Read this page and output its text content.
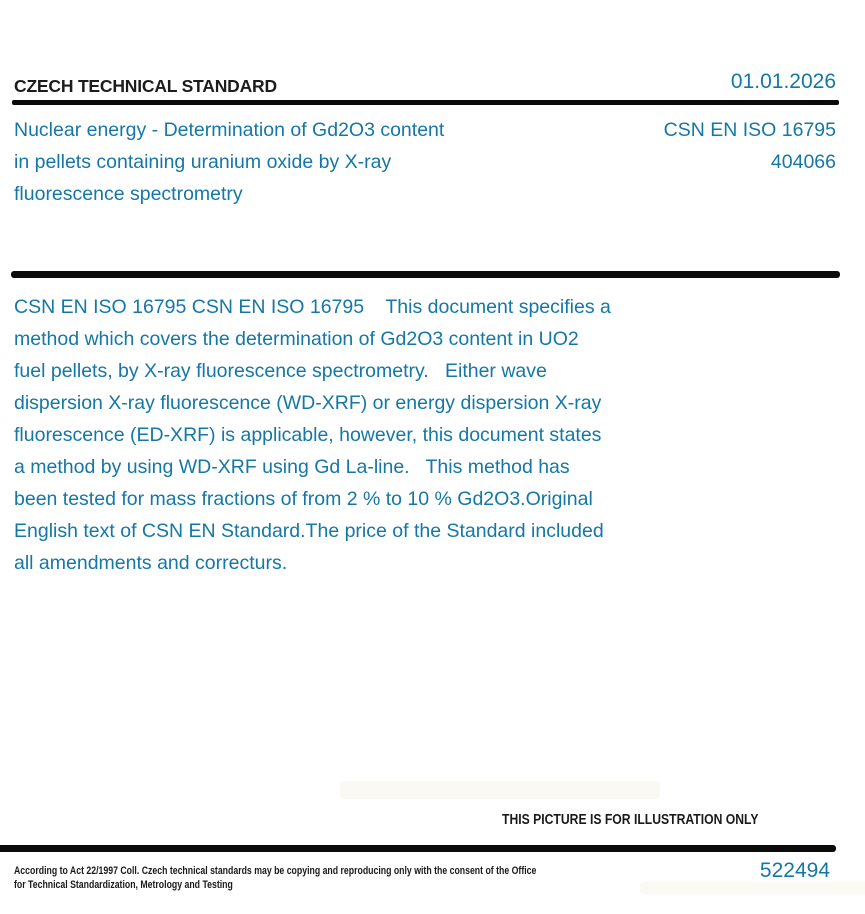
CZECH TECHNICAL STANDARD	01.01.2026
Nuclear energy - Determination of Gd2O3 content
in pellets containing uranium oxide by X-ray
fluorescence spectrometry
CSN EN ISO 16795
404066
CSN EN ISO 16795 CSN EN ISO 16795    This document specifies a
method which covers the determination of Gd2O3 content in UO2
fuel pellets, by X-ray fluorescence spectrometry.   Either wave
dispersion X-ray fluorescence (WD-XRF) or energy dispersion X-ray
fluorescence (ED-XRF) is applicable, however, this document states
a method by using WD-XRF using Gd La-line.   This method has
been tested for mass fractions of from 2 % to 10 % Gd2O3.Original
English text of CSN EN Standard.The price of the Standard included
all amendments and correcturs.
THIS PICTURE IS FOR ILLUSTRATION ONLY
According to Act 22/1997 Coll. Czech technical standards may be copying and reproducing only with the consent of the Office
for Technical Standardization, Metrology and Testing
522494
